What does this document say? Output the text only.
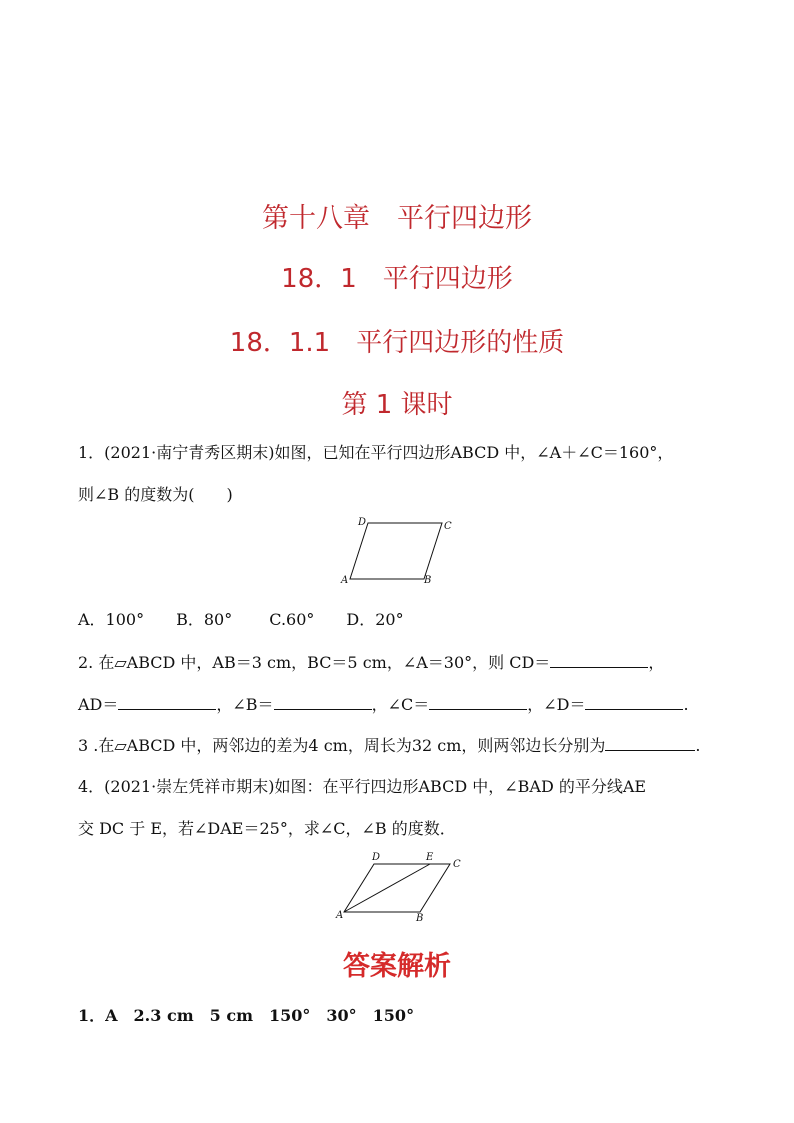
第十八章　平行四边形
18．1　平行四边形
18．1.1　平行四边形的性质
第 1 课时
1．(2021·南宁青秀区期末)如图，已知在平行四边形ABCD 中，∠A＋∠C＝160°，
则∠B 的度数为(　　)
D	C
A	B
A．100°　　B．80°　　 C.60°　　D．20°
2. 在▱ABCD 中，AB＝3 cm，BC＝5 cm，∠A＝30°，则 CD＝	，
AD＝	，∠B＝	，∠C＝	，∠D＝	.
3 .在▱ABCD 中，两邻边的差为4 cm，周长为32 cm，则两邻边长分别为	.
4．(2021·崇左凭祥市期末)如图：在平行四边形ABCD 中，∠BAD 的平分线AE
交 DC 于 E，若∠DAE＝25°，求∠C，∠B 的度数．
D	E
C
A	B
答案解析
1．A　2.3 cm　5 cm　150°　30°　150°
